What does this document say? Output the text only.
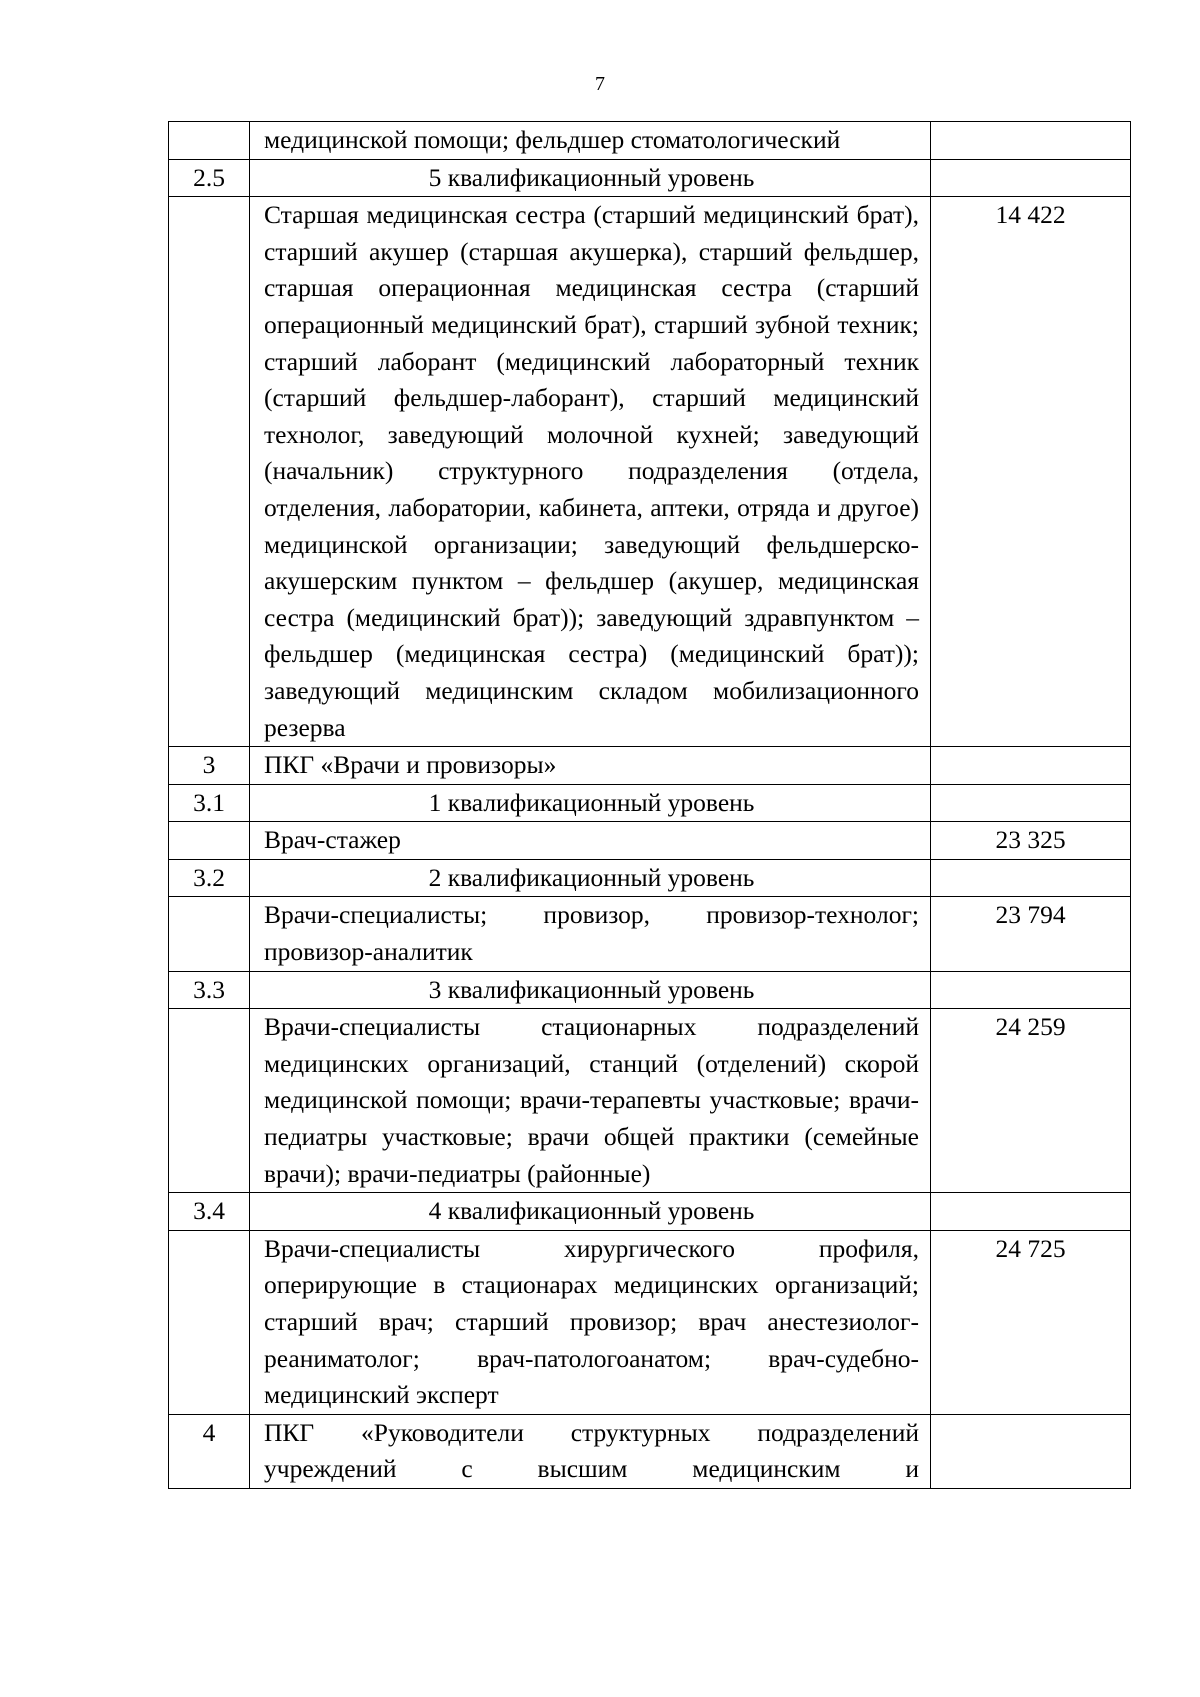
7
	медицинской помощи; фельдшер стоматологический	
2.5	5 квалификационный уровень	
	Старшая медицинская сестра (старший медицинский брат), старший акушер (старшая акушерка), старший фельдшер, старшая операционная медицинская сестра (старший операционный медицинский брат), старший зубной техник; старший лаборант (медицинский лабораторный техник (старший фельдшер-лаборант), старший медицинский технолог, заведующий молочной кухней; заведующий (начальник) структурного подразделения (отдела, отделения, лаборатории, кабинета, аптеки, отряда и другое) медицинской организации; заведующий фельдшерско-акушерским пунктом – фельдшер (акушер, медицинская сестра (медицинский брат)); заведующий здравпунктом – фельдшер (медицинская сестра) (медицинский брат)); заведующий медицинским складом мобилизационного резерва	14 422
3	ПКГ «Врачи и провизоры»	
3.1	1 квалификационный уровень	
	Врач-стажер	23 325
3.2	2 квалификационный уровень	
	Врачи-специалисты; провизор, провизор-технолог; провизор-аналитик	23 794
3.3	3 квалификационный уровень	
	Врачи-специалисты стационарных подразделений медицинских организаций, станций (отделений) скорой медицинской помощи; врачи-терапевты участковые; врачи-педиатры участковые; врачи общей практики (семейные врачи); врачи-педиатры (районные)	24 259
3.4	4 квалификационный уровень	
	Врачи-специалисты хирургического профиля, оперирующие в стационарах медицинских организаций; старший врач; старший провизор; врач анестезиолог-реаниматолог; врач-патологоанатом; врач-судебно-медицинский эксперт	24 725
4	ПКГ «Руководители структурных подразделений
учреждений с высшим медицинским и	
